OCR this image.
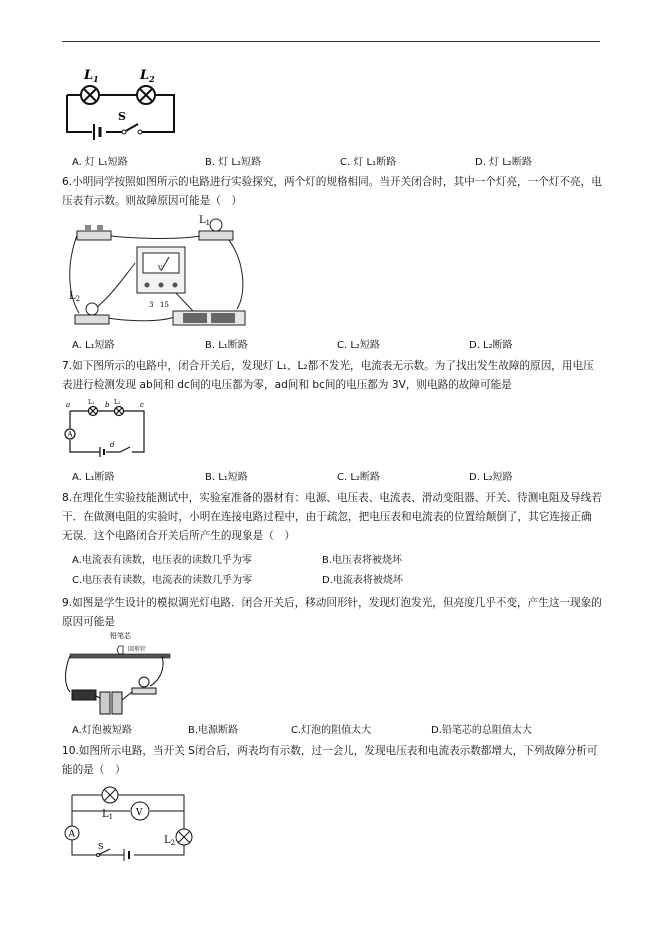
$L_1$	$L_2$
S
A. 灯 L₁短路	B. 灯 L₂短路	C. 灯 L₁断路	D. 灯 L₂断路
6.小明同学按照如图所示的电路进行实验探究，两个灯的规格相同。当开关闭合时，其中一个灯亮，一个灯不亮，电压表有示数。则故障原因可能是（　）
$L_1$
V
3 15
$L_2$
A. L₁短路	B. L₁断路	C. L₂短路	D. L₂断路
7.如下图所示的电路中，闭合开关后，发现灯 L₁、L₂都不发光，电流表无示数。为了找出发生故障的原因，用电压表进行检测发现 ab间和 dc间的电压都为零，ad间和 bc间的电压都为 3V，则电路的故障可能是
A
a	b	c
d
L₁	L₂
A. L₁断路	B. L₁短路	C. L₂断路	D. L₂短路
8.在理化生实验技能测试中，实验室准备的器材有：电源、电压表、电流表、滑动变阻器、开关、待测电阻及导线若干．在做测电阻的实验时，小明在连接电路过程中，由于疏忽，把电压表和电流表的位置给颠倒了，其它连接正确无误．这个电路闭合开关后所产生的现象是（　）
A.电流表有读数，电压表的读数几乎为零	B.电压表将被烧坏
C.电压表有读数，电流表的读数几乎为零	D.电流表将被烧坏
9.如图是学生设计的模拟调光灯电路．闭合开关后，移动回形针，发现灯泡发光，但亮度几乎不变，产生这一现象的原因可能是
铅笔芯
回形针
A.灯泡被短路	B.电源断路	C.灯泡的阻值太大	D.铅笔芯的总阻值太大
10.如图所示电路，当开关 S闭合后，两表均有示数，过一会儿，发现电压表和电流表示数都增大，下列故障分析可能的是（　）
V
A
$L_1$
$L_2$
S
